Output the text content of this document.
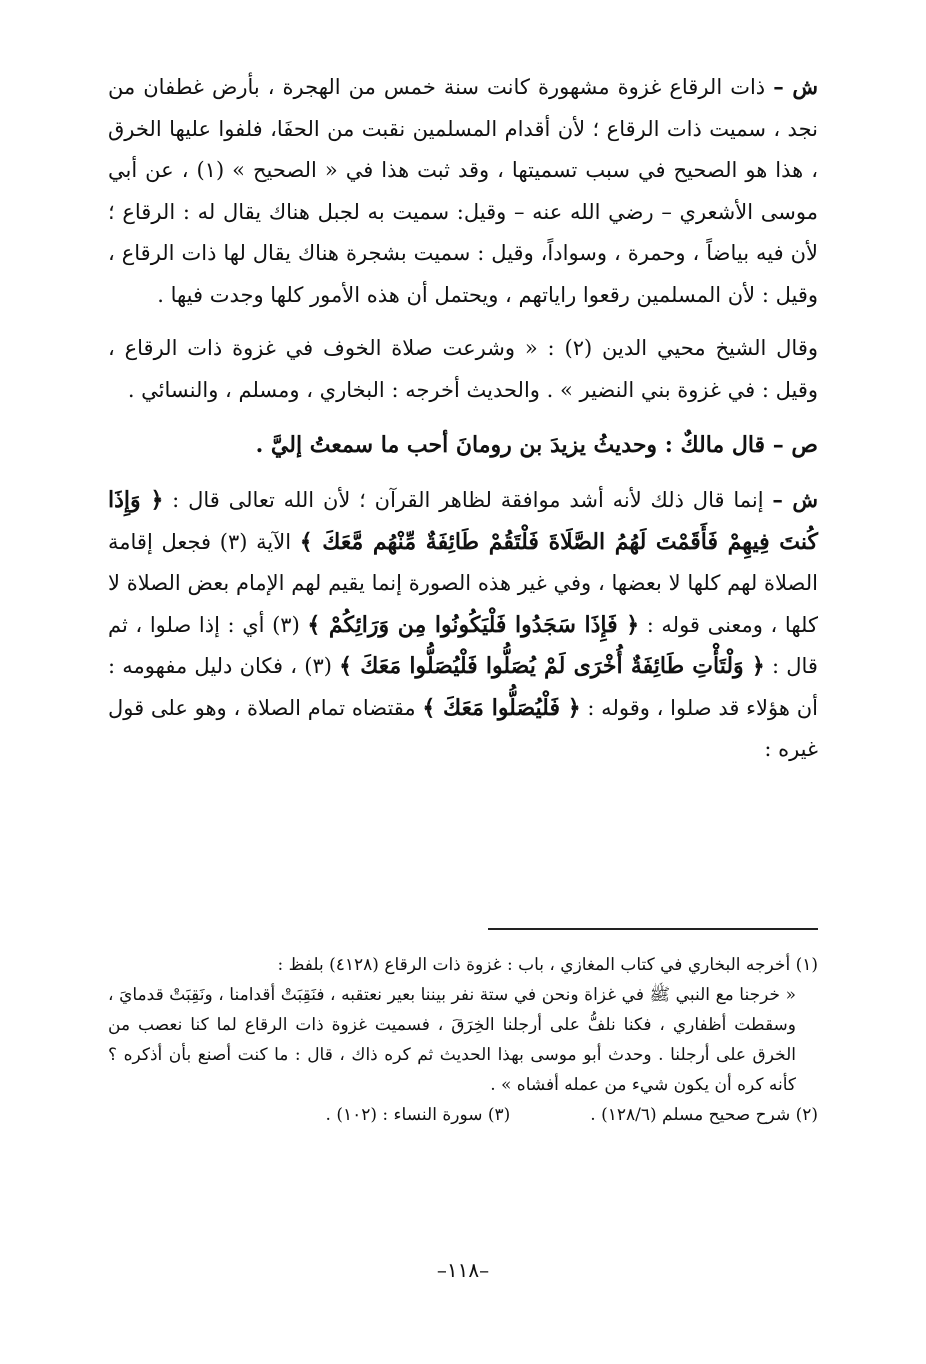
ش – ذات الرقاع غزوة مشهورة كانت سنة خمس من الهجرة ، بأرض غطفان من نجد ، سميت ذات الرقاع ؛ لأن أقدام المسلمين نقبت من الحفَا، فلفوا عليها الخرق ، هذا هو الصحيح في سبب تسميتها ، وقد ثبت هذا في « الصحيح » (١) ، عن أبي موسى الأشعري – رضي الله عنه – وقيل: سميت به لجبل هناك يقال له : الرقاع ؛ لأن فيه بياضاً ، وحمرة ، وسواداً، وقيل : سميت بشجرة هناك يقال لها ذات الرقاع ، وقيل : لأن المسلمين رقعوا راياتهم ، ويحتمل أن هذه الأمور كلها وجدت فيها .

وقال الشيخ محيي الدين (٢) : « وشرعت صلاة الخوف في غزوة ذات الرقاع ، وقيل : في غزوة بني النضير » . والحديث أخرجه : البخاري ، ومسلم ، والنسائي .

ص – قال مالكٌ : وحديثُ يزيدَ بن رومانَ أحب ما سمعتُ إليَّ .

ش – إنما قال ذلك لأنه أشد موافقة لظاهر القرآن ؛ لأن الله تعالى قال : ﴿ وَإِذَا كُنتَ فِيهِمْ فَأَقَمْتَ لَهُمُ الصَّلَاةَ فَلْتَقُمْ طَائِفَةٌ مِّنْهُم مَّعَكَ ﴾ الآية (٣) فجعل إقامة الصلاة لهم كلها لا بعضها ، وفي غير هذه الصورة إنما يقيم لهم الإمام بعض الصلاة لا كلها ، ومعنى قوله : ﴿ فَإِذَا سَجَدُوا فَلْيَكُونُوا مِن وَرَائِكُمْ ﴾ (٣) أي : إذا صلوا ، ثم قال : ﴿ وَلْتَأْتِ طَائِفَةٌ أُخْرَى لَمْ يُصَلُّوا فَلْيُصَلُّوا مَعَكَ ﴾ (٣) ، فكان دليل مفهومه : أن هؤلاء قد صلوا ، وقوله : ﴿ فَلْيُصَلُّوا مَعَكَ ﴾ مقتضاه تمام الصلاة ، وهو على قول غيره :

(١) أخرجه البخاري في كتاب المغازي ، باب : غزوة ذات الرقاع (٤١٢٨) بلفظ :

« خرجنا مع النبي ﷺ في غزاة ونحن في ستة نفر بيننا بعير نعتقبه ، فنَقِبَتْ أقدامنا ، ونَقِبَتْ قدمايَ ، وسقطت أظفاري ، فكنا نلفُّ على أرجلنا الخِرَقَ ، فسميت غزوة ذات الرقاع لما كنا نعصب من الخرق على أرجلنا . وحدث أبو موسى بهذا الحديث ثم كره ذاك ، قال : ما كنت أصنع بأن أذكره ؟ كأنه كره أن يكون شيء من عمله أفشاه » .

(٢) شرح صحيح مسلم (١٢٨/٦) .
(٣) سورة النساء : (١٠٢) .
–١١٨–
